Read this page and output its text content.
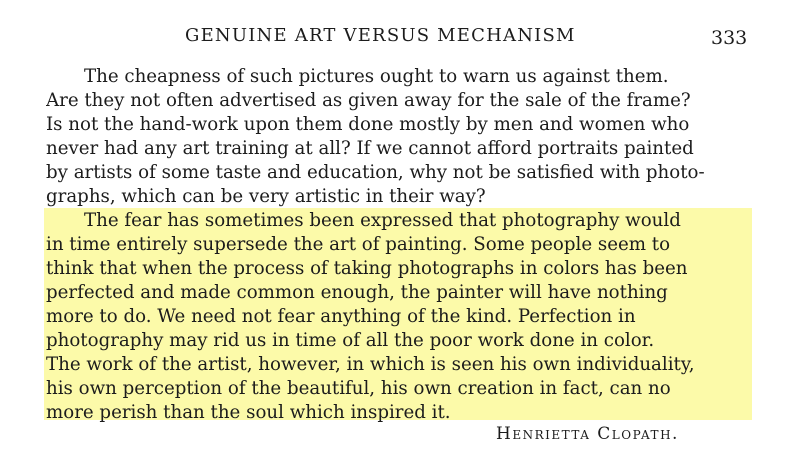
GENUINE ART VERSUS MECHANISM	333
The cheapness of such pictures ought to warn us against them.
Are they not often advertised as given away for the sale of the frame?
Is not the hand-work upon them done mostly by men and women who
never had any art training at all? If we cannot afford portraits painted
by artists of some taste and education, why not be satisfied with photo-
graphs, which can be very artistic in their way?
The fear has sometimes been expressed that photography would
in time entirely supersede the art of painting. Some people seem to
think that when the process of taking photographs in colors has been
perfected and made common enough, the painter will have nothing
more to do. We need not fear anything of the kind. Perfection in
photography may rid us in time of all the poor work done in color.
The work of the artist, however, in which is seen his own individuality,
his own perception of the beautiful, his own creation in fact, can no
more perish than the soul which inspired it.
Henrietta Clopath.
